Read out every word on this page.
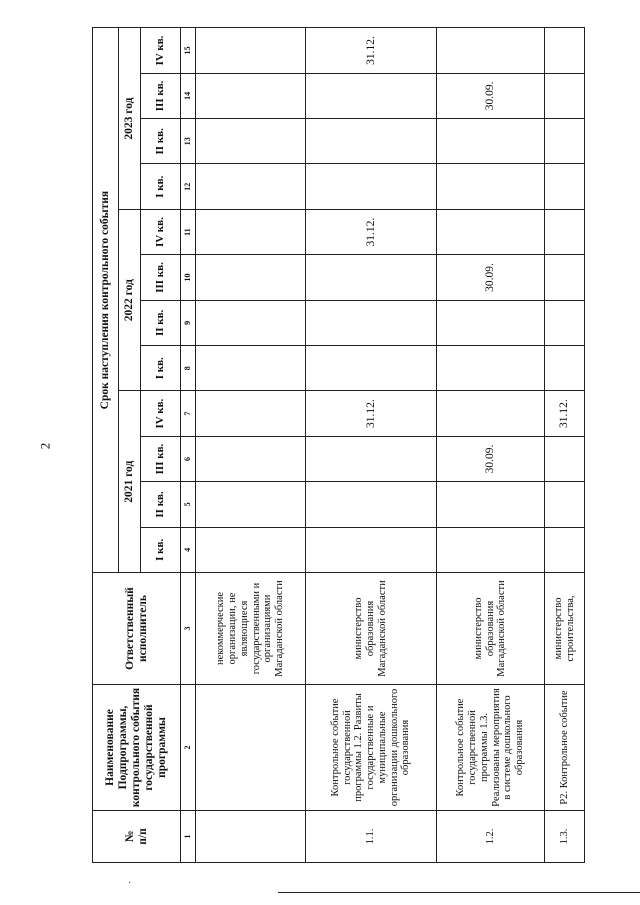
2
№
п/п	Наименование Подпрограммы, контрольного события государственной программы	Ответственный исполнитель	Срок наступления контрольного события											
			2021 год				2022 год				2023 год			
			I кв.	II кв.	III кв.	IV кв.	I кв.	II кв.	III кв.	IV кв.	I кв.	II кв.	III кв.	IV кв.
1	2	3	4	5	6	7	8	9	10	11	12	13	14	15
		некоммерческие организации, не являющиеся государственными и организациями Магаданской области												
1.1.	Контрольное событие государственной программы 1.2. Развиты государственные и муниципальные организации дошкольного образования	министерство образования Магаданской области				31.12.				31.12.				31.12.
1.2.	Контрольное событие государственной программы 1.3. Реализованы мероприятия в системе дошкольного образования	министерство образования Магаданской области			30.09.				30.09.				30.09.	
1.3.	Р2. Контрольное событие	министерство строительства,				31.12.								
·
